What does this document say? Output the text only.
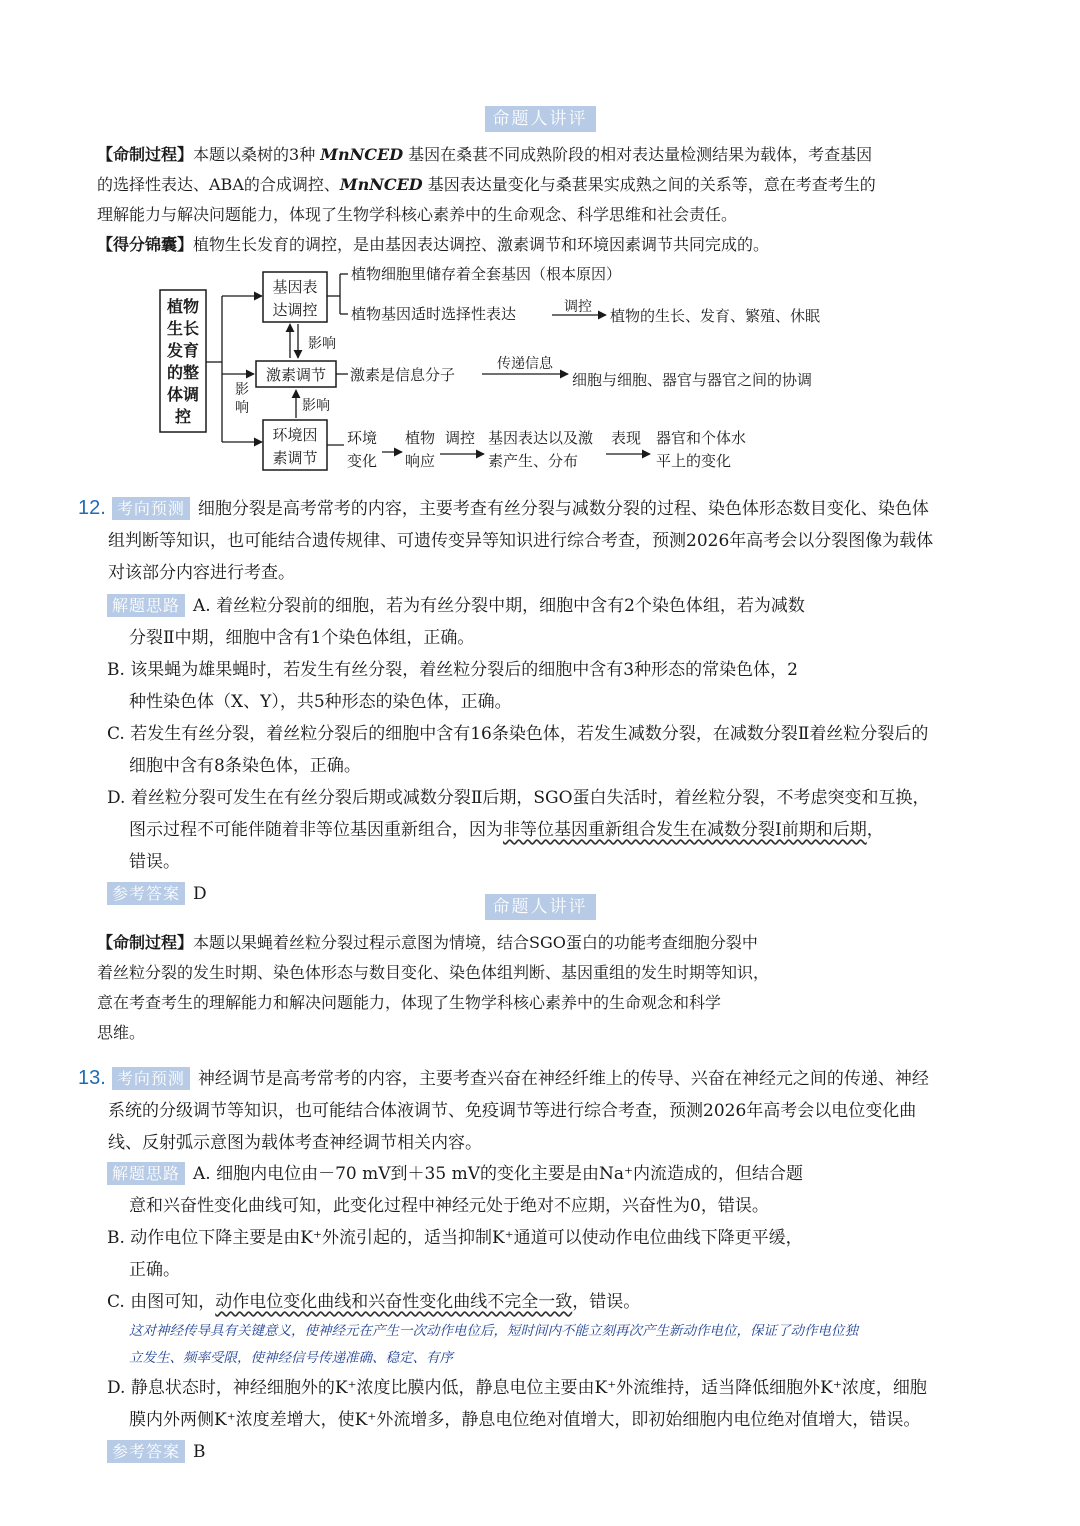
命题人讲评
【命制过程】本题以桑树的3种 MnNCED 基因在桑葚不同成熟阶段的相对表达量检测结果为载体，考查基因
的选择性表达、ABA的合成调控、MnNCED 基因表达量变化与桑葚果实成熟之间的关系等，意在考查考生的
理解能力与解决问题能力，体现了生物学科核心素养中的生命观念、科学思维和社会责任。
【得分锦囊】植物生长发育的调控，是由基因表达调控、激素调节和环境因素调节共同完成的。
植物
生长
发育
的整
体调
控
影
响
基因表
达调控
植物细胞里储存着全套基因（根本原因）
植物基因适时选择性表达	调控 植物的生长、发育、繁殖、休眠
影响
激素调节 激素是信息分子
传递信息
细胞与细胞、器官与器官之间的协调
影响
环境因
素调节
环境
变化
植物 调控
响应
基因表达以及激
素产生、分布
表现 器官和个体水
平上的变化
12. 考向预测 细胞分裂是高考常考的内容，主要考查有丝分裂与减数分裂的过程、染色体形态数目变化、染色体
组判断等知识，也可能结合遗传规律、可遗传变异等知识进行综合考查，预测2026年高考会以分裂图像为载体
对该部分内容进行考查。
解题思路 A. 着丝粒分裂前的细胞，若为有丝分裂中期，细胞中含有2个染色体组，若为减数
分裂Ⅱ中期，细胞中含有1个染色体组，正确。
B. 该果蝇为雄果蝇时，若发生有丝分裂，着丝粒分裂后的细胞中含有3种形态的常染色体，2
种性染色体（X、Y），共5种形态的染色体，正确。
C. 若发生有丝分裂，着丝粒分裂后的细胞中含有16条染色体，若发生减数分裂，在减数分裂Ⅱ着丝粒分裂后的
细胞中含有8条染色体，正确。
D. 着丝粒分裂可发生在有丝分裂后期或减数分裂Ⅱ后期，SGO蛋白失活时，着丝粒分裂，不考虑突变和互换，
图示过程不可能伴随着非等位基因重新组合，因为非等位基因重新组合发生在减数分裂Ⅰ前期和后期，
错误。
参考答案 D
命题人讲评
【命制过程】本题以果蝇着丝粒分裂过程示意图为情境，结合SGO蛋白的功能考查细胞分裂中
着丝粒分裂的发生时期、染色体形态与数目变化、染色体组判断、基因重组的发生时期等知识，
意在考查考生的理解能力和解决问题能力，体现了生物学科核心素养中的生命观念和科学
思维。
13. 考向预测 神经调节是高考常考的内容，主要考查兴奋在神经纤维上的传导、兴奋在神经元之间的传递、神经
系统的分级调节等知识，也可能结合体液调节、免疫调节等进行综合考查，预测2026年高考会以电位变化曲
线、反射弧示意图为载体考查神经调节相关内容。
解题思路 A. 细胞内电位由－70 mV到＋35 mV的变化主要是由Na⁺内流造成的，但结合题
意和兴奋性变化曲线可知，此变化过程中神经元处于绝对不应期，兴奋性为0，错误。
B. 动作电位下降主要是由K⁺外流引起的，适当抑制K⁺通道可以使动作电位曲线下降更平缓，
正确。
C. 由图可知，动作电位变化曲线和兴奋性变化曲线不完全一致，错误。
这对神经传导具有关键意义，使神经元在产生一次动作电位后，短时间内不能立刻再次产生新动作电位，保证了动作电位独
立发生、频率受限，使神经信号传递准确、稳定、有序
D. 静息状态时，神经细胞外的K⁺浓度比膜内低，静息电位主要由K⁺外流维持，适当降低细胞外K⁺浓度，细胞
膜内外两侧K⁺浓度差增大，使K⁺外流增多，静息电位绝对值增大，即初始细胞内电位绝对值增大，错误。
参考答案 B
